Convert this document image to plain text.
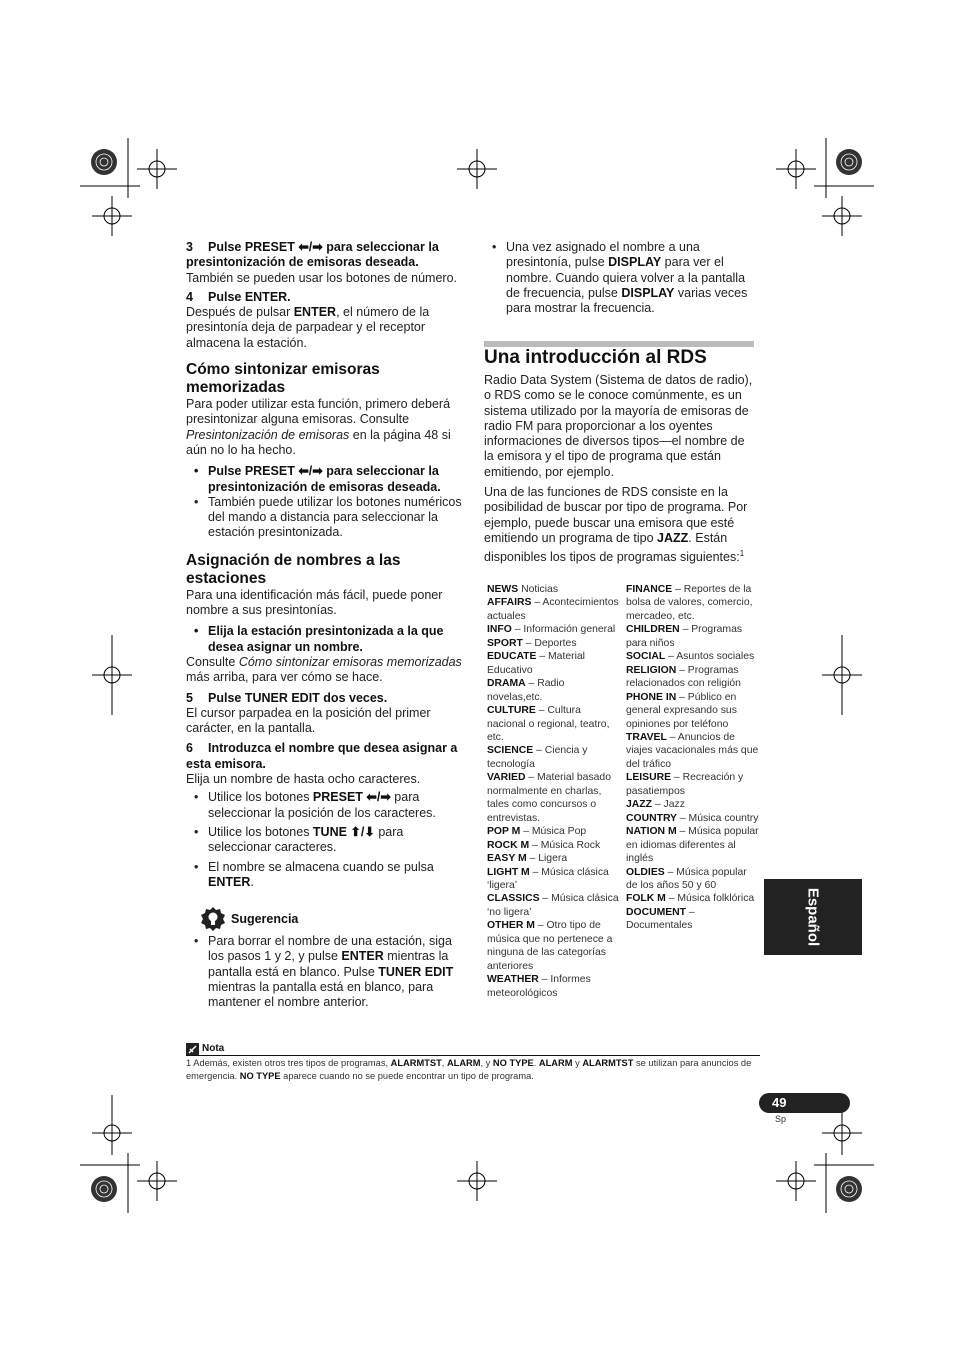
3 Pulse PRESET ⬅/➡ para seleccionar la presintonización de emisoras deseada.

También se pueden usar los botones de número.

4 Pulse ENTER.

Después de pulsar ENTER, el número de la presintonía deja de parpadear y el receptor almacena la estación.

Cómo sintonizar emisoras memorizadas

Para poder utilizar esta función, primero deberá presintonizar alguna emisoras. Consulte Presintonización de emisoras en la página 48 si aún no lo ha hecho.

• Pulse PRESET ⬅/➡ para seleccionar la presintonización de emisoras deseada.

• También puede utilizar los botones numéricos del mando a distancia para seleccionar la estación presintonizada.

Asignación de nombres a las estaciones

Para una identificación más fácil, puede poner nombre a sus presintonías.

• Elija la estación presintonizada a la que desea asignar un nombre.

Consulte Cómo sintonizar emisoras memorizadas más arriba, para ver cómo se hace.

5 Pulse TUNER EDIT dos veces.

El cursor parpadea en la posición del primer carácter, en la pantalla.

6 Introduzca el nombre que desea asignar a esta emisora.

Elija un nombre de hasta ocho caracteres.

• Utilice los botones PRESET ⬅/➡ para seleccionar la posición de los caracteres.

• Utilice los botones TUNE ⬆/⬇ para seleccionar caracteres.

• El nombre se almacena cuando se pulsa ENTER.

Sugerencia

• Para borrar el nombre de una estación, siga los pasos 1 y 2, y pulse ENTER mientras la pantalla está en blanco. Pulse TUNER EDIT mientras la pantalla está en blanco, para mantener el nombre anterior.

• Una vez asignado el nombre a una presintonía, pulse DISPLAY para ver el nombre. Cuando quiera volver a la pantalla de frecuencia, pulse DISPLAY varias veces para mostrar la frecuencia.

Una introducción al RDS

Radio Data System (Sistema de datos de radio), o RDS como se le conoce comúnmente, es un sistema utilizado por la mayoría de emisoras de radio FM para proporcionar a los oyentes informaciones de diversos tipos—el nombre de la emisora y el tipo de programa que están emitiendo, por ejemplo.

Una de las funciones de RDS consiste en la posibilidad de buscar por tipo de programa. Por ejemplo, puede buscar una emisora que esté emitiendo un programa de tipo JAZZ. Están disponibles los tipos de programas siguientes:$^1$

NEWS Noticias
AFFAIRS – Acontecimientos actuales
INFO – Información general
SPORT – Deportes
EDUCATE – Material Educativo
DRAMA – Radio novelas,etc.
CULTURE – Cultura nacional o regional, teatro, etc.
SCIENCE – Ciencia y tecnología
VARIED – Material basado normalmente en charlas, tales como concursos o entrevistas.
POP M – Música Pop
ROCK M – Música Rock
EASY M – Ligera
LIGHT M – Música clásica ‘ligera’
CLASSICS – Música clásica ‘no ligera’
OTHER M – Otro tipo de música que no pertenece a ninguna de las categorías anteriores
WEATHER – Informes meteorológicos
FINANCE – Reportes de la bolsa de valores, comercio, mercadeo, etc.
CHILDREN – Programas para niños
SOCIAL – Asuntos sociales
RELIGION – Programas relacionados con religión
PHONE IN – Público en general expresando sus opiniones por teléfono
TRAVEL – Anuncios de viajes vacacionales más que del tráfico
LEISURE – Recreación y pasatiempos
JAZZ – Jazz
COUNTRY – Música country
NATION M – Música popular en idiomas diferentes al inglés
OLDIES – Música popular de los años 50 y 60
FOLK M – Música folklórica
DOCUMENT – Documentales	Español
Nota
1 Además, existen otros tres tipos de programas, ALARMTST, ALARM, y NO TYPE. ALARM y ALARMTST se utilizan para anuncios de emergencia. NO TYPE aparece cuando no se puede encontrar un tipo de programa.
49
Sp
